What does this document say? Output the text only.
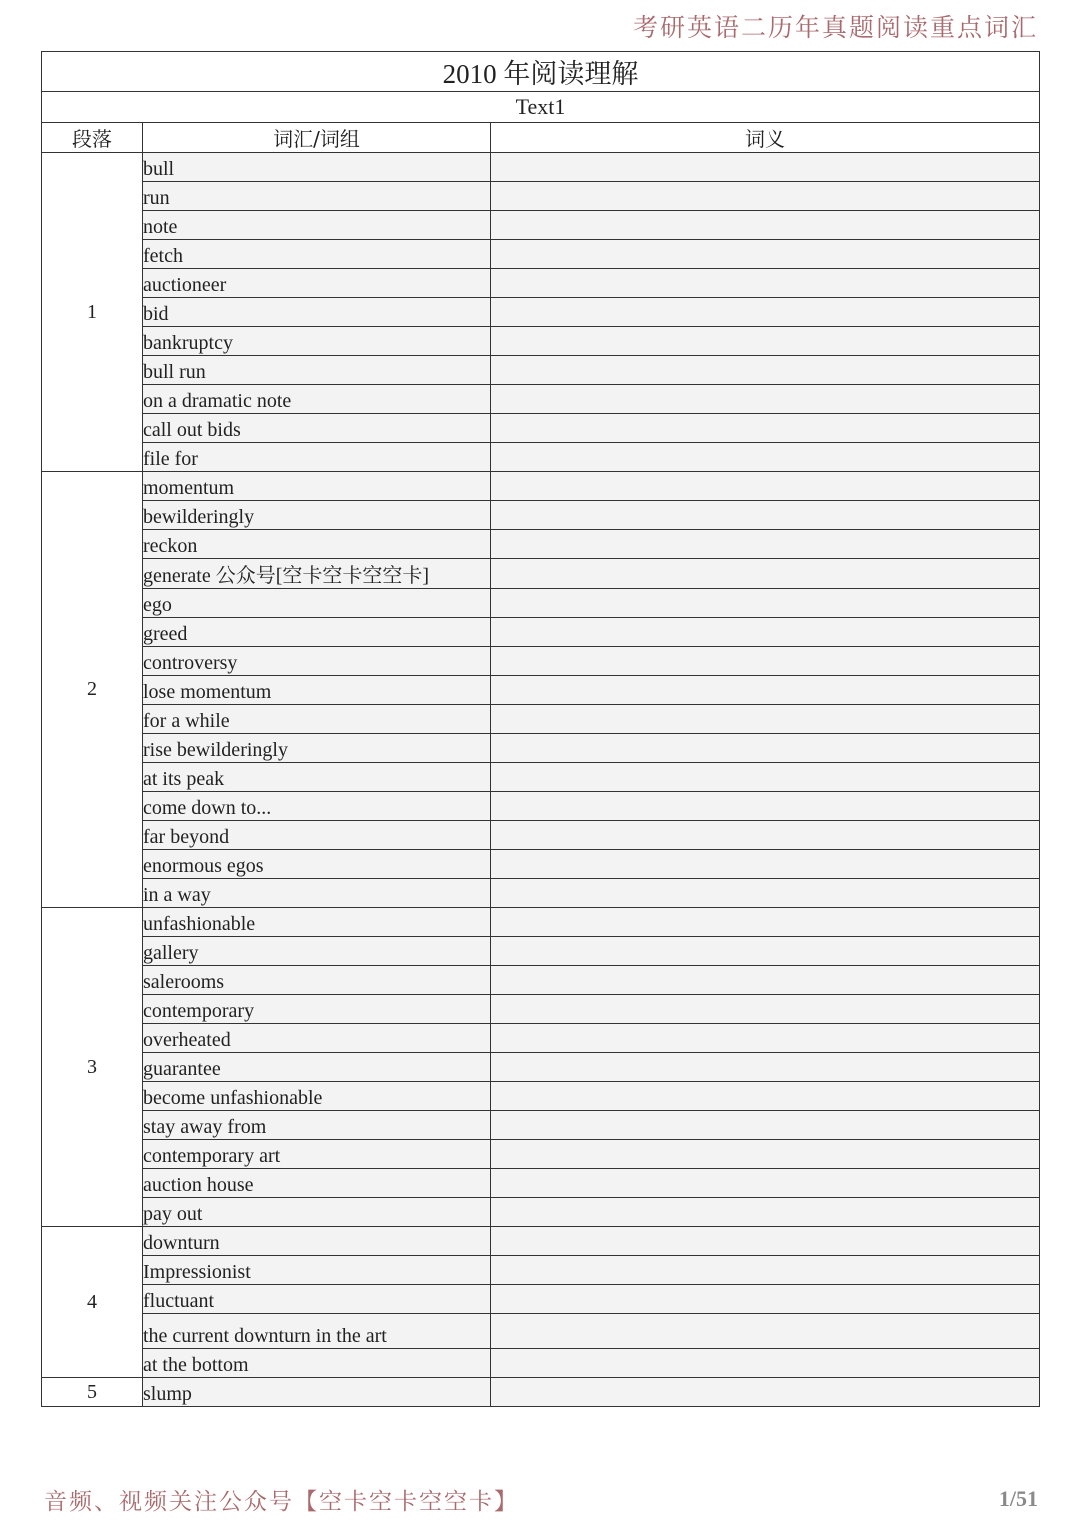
考研英语二历年真题阅读重点词汇
2010 年阅读理解		
Text1		
段落	词汇/词组	词义
1	bull	
	run	
	note	
	fetch	
	auctioneer	
	bid	
	bankruptcy	
	bull run	
	on a dramatic note	
	call out bids	
	file for	
2	momentum	
	bewilderingly	
	reckon	
	generate 公众号[空卡空卡空空卡]	
	ego	
	greed	
	controversy	
	lose momentum	
	for a while	
	rise bewilderingly	
	at its peak	
	come down to...	
	far beyond	
	enormous egos	
	in a way	
3	unfashionable	
	gallery	
	salerooms	
	contemporary	
	overheated	
	guarantee	
	become unfashionable	
	stay away from	
	contemporary art	
	auction house	
	pay out	
4	downturn	
	Impressionist	
	fluctuant	
	the current downturn in the art	
	at the bottom	
5	slump	
音频、视频关注公众号【空卡空卡空空卡】	1/51
